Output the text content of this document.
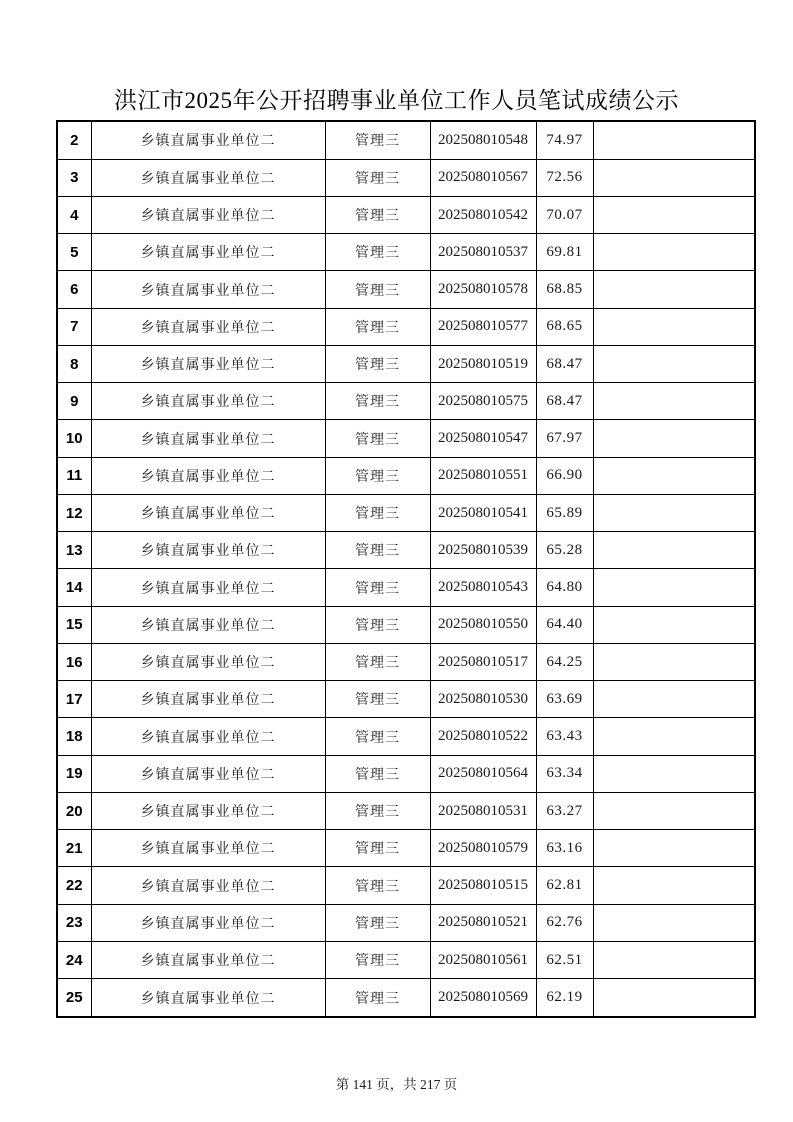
洪江市2025年公开招聘事业单位工作人员笔试成绩公示
2	乡镇直属事业单位二	管理三	202508010548	74.97	
3	乡镇直属事业单位二	管理三	202508010567	72.56	
4	乡镇直属事业单位二	管理三	202508010542	70.07	
5	乡镇直属事业单位二	管理三	202508010537	69.81	
6	乡镇直属事业单位二	管理三	202508010578	68.85	
7	乡镇直属事业单位二	管理三	202508010577	68.65	
8	乡镇直属事业单位二	管理三	202508010519	68.47	
9	乡镇直属事业单位二	管理三	202508010575	68.47	
10	乡镇直属事业单位二	管理三	202508010547	67.97	
11	乡镇直属事业单位二	管理三	202508010551	66.90	
12	乡镇直属事业单位二	管理三	202508010541	65.89	
13	乡镇直属事业单位二	管理三	202508010539	65.28	
14	乡镇直属事业单位二	管理三	202508010543	64.80	
15	乡镇直属事业单位二	管理三	202508010550	64.40	
16	乡镇直属事业单位二	管理三	202508010517	64.25	
17	乡镇直属事业单位二	管理三	202508010530	63.69	
18	乡镇直属事业单位二	管理三	202508010522	63.43	
19	乡镇直属事业单位二	管理三	202508010564	63.34	
20	乡镇直属事业单位二	管理三	202508010531	63.27	
21	乡镇直属事业单位二	管理三	202508010579	63.16	
22	乡镇直属事业单位二	管理三	202508010515	62.81	
23	乡镇直属事业单位二	管理三	202508010521	62.76	
24	乡镇直属事业单位二	管理三	202508010561	62.51	
25	乡镇直属事业单位二	管理三	202508010569	62.19	
第 141 页，共 217 页
